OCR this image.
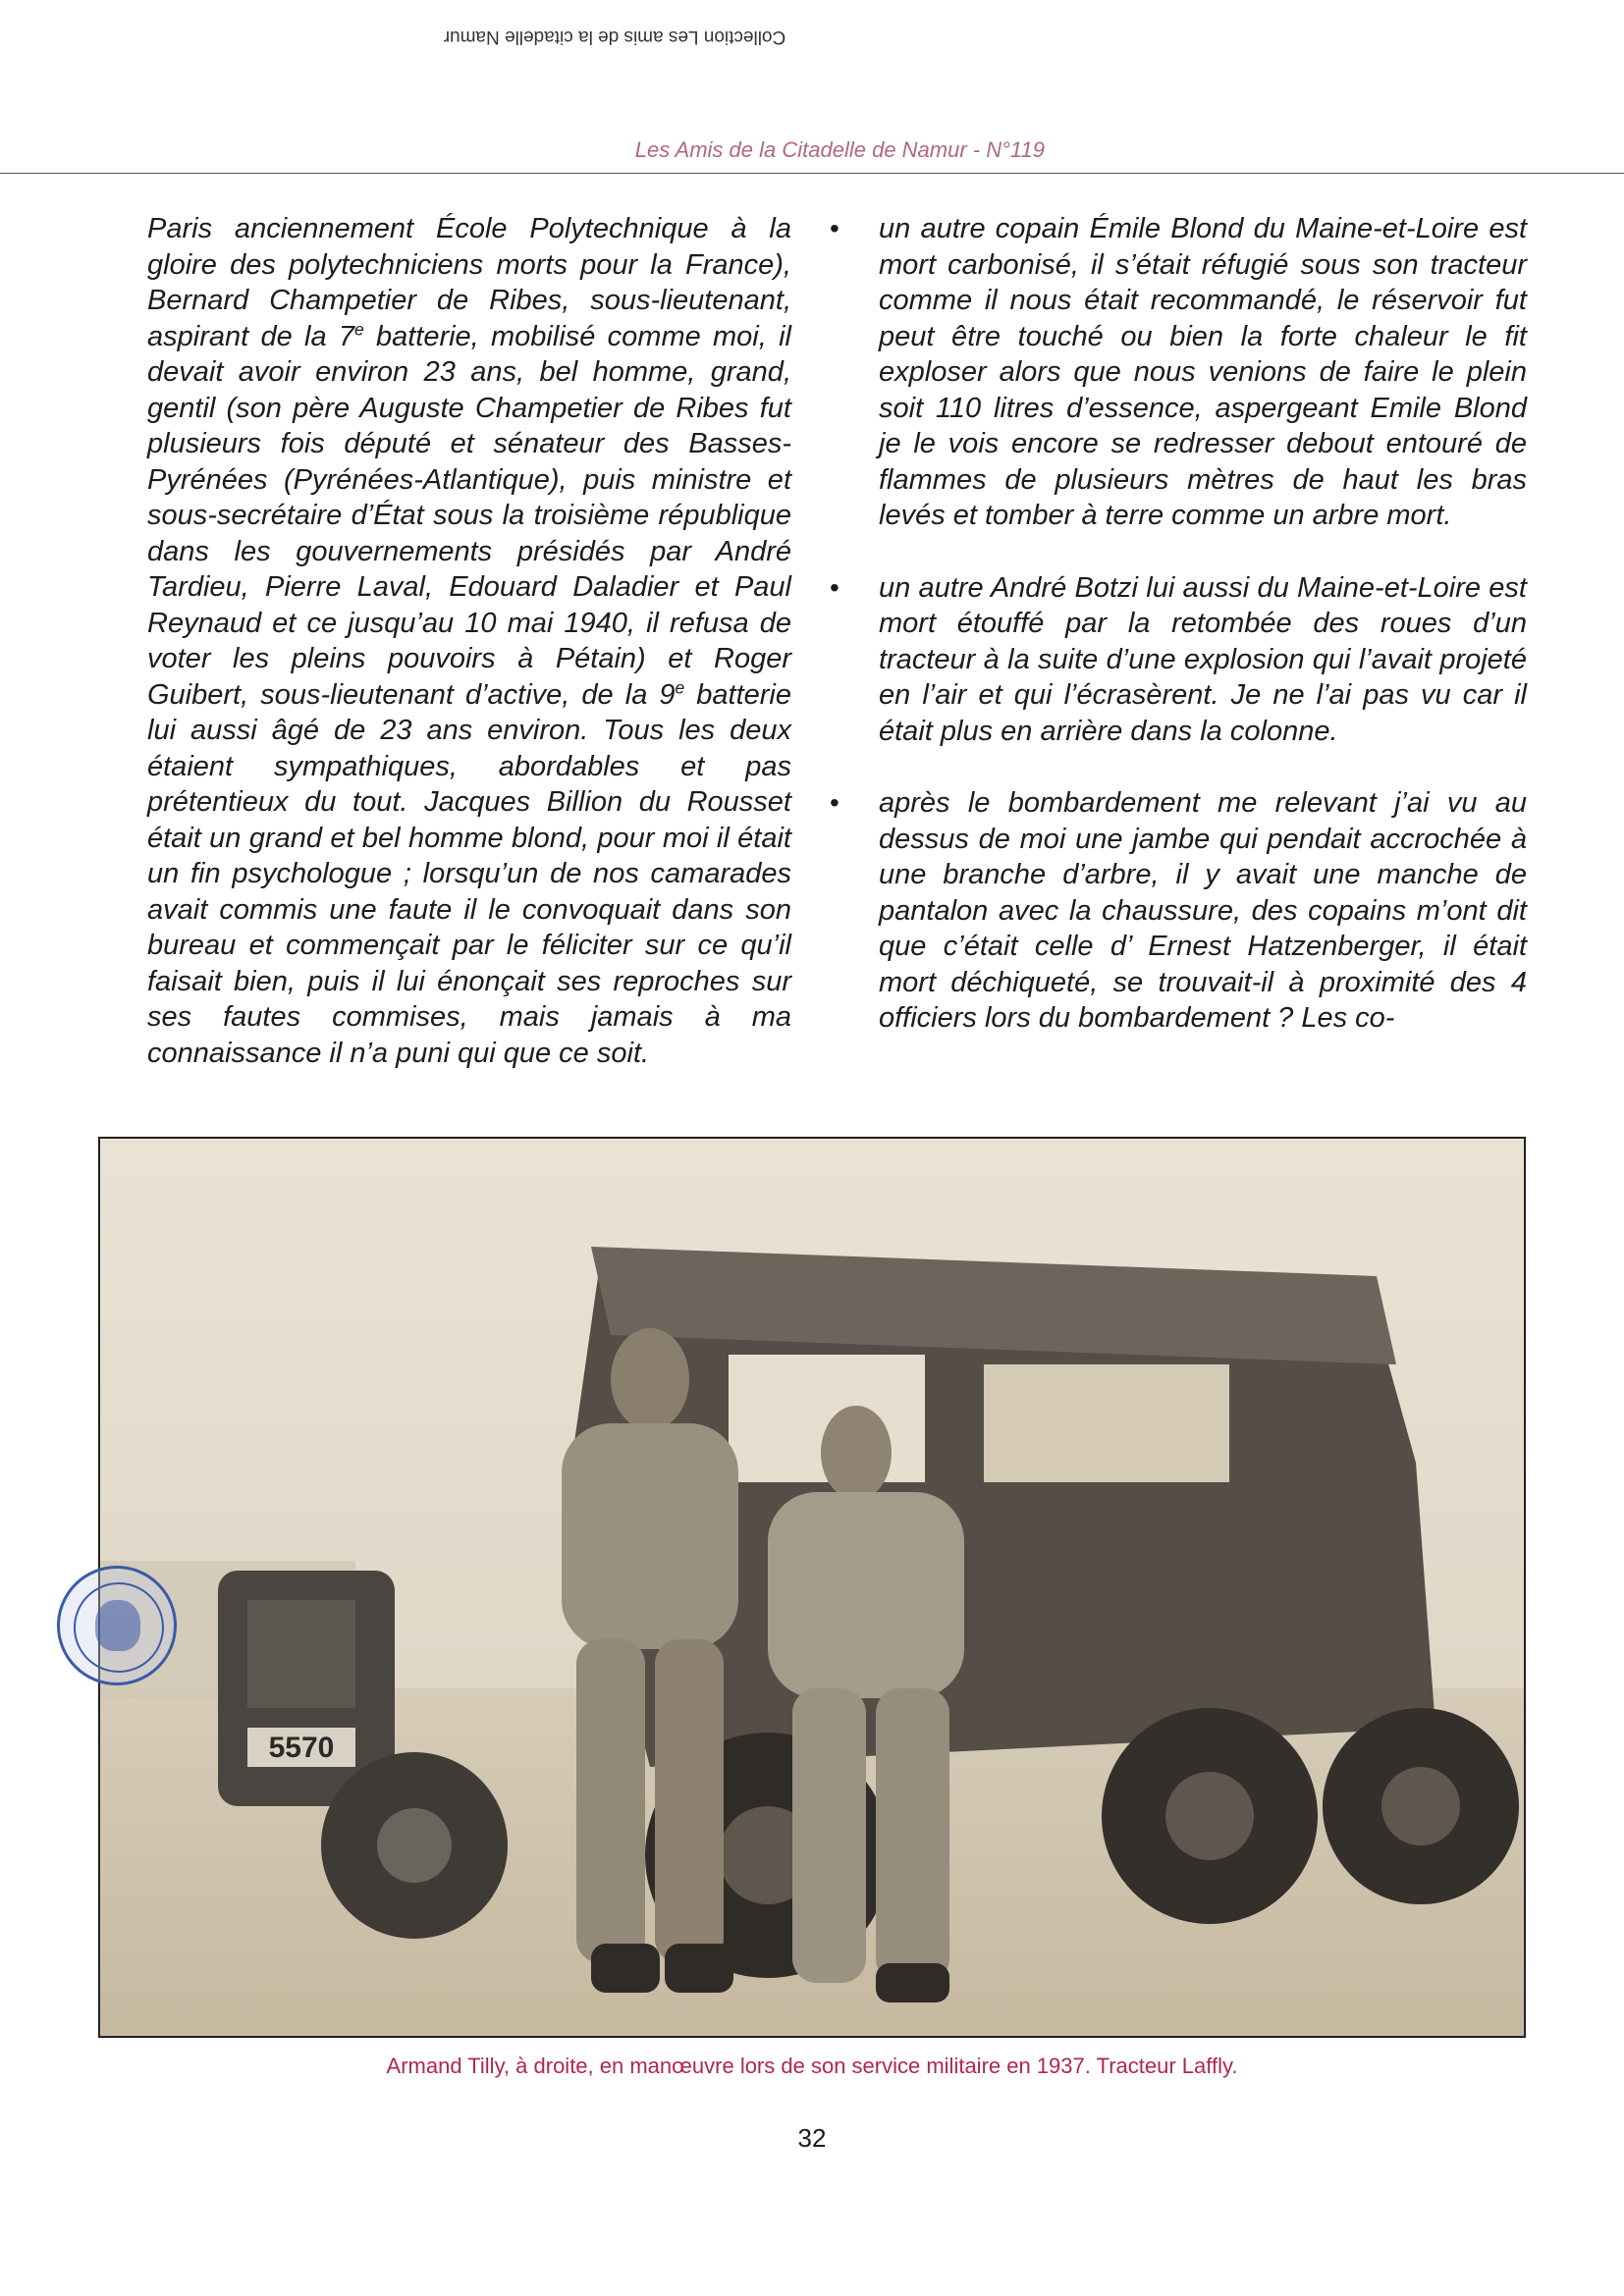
Collection Les amis de la citadelle Namur
Les Amis de la Citadelle de Namur - N°119

Paris anciennement École Polytechnique à la gloire des polytechniciens morts pour la France), Bernard Champetier de Ribes, sous-lieutenant, aspirant de la 7e batterie, mobilisé comme moi, il devait avoir environ 23 ans, bel homme, grand, gentil (son père Auguste Champetier de Ribes fut plusieurs fois député et sénateur des Basses-Pyrénées (Pyrénées-Atlantique), puis ministre et sous-secrétaire d’État sous la troisième république dans les gouvernements présidés par André Tardieu, Pierre Laval, Edouard Daladier et Paul Reynaud et ce jusqu’au 10 mai 1940, il refusa de voter les pleins pouvoirs à Pétain) et Roger Guibert, sous-lieutenant d’active, de la 9e batterie lui aussi âgé de 23 ans environ. Tous les deux étaient sympathiques, abordables et pas prétentieux du tout. Jacques Billion du Rousset était un grand et bel homme blond, pour moi il était un fin psychologue ; lorsqu’un de nos camarades avait commis une faute il le convoquait dans son bureau et commençait par le féliciter sur ce qu’il faisait bien, puis il lui énonçait ses reproches sur ses fautes commises, mais jamais à ma connaissance il n’a puni qui que ce soit.

• un autre copain Émile Blond du Maine-et-Loire est mort carbonisé, il s’était réfugié sous son tracteur comme il nous était recommandé, le réservoir fut peut être touché ou bien la forte chaleur le fit exploser alors que nous venions de faire le plein soit 110 litres d’essence, aspergeant Emile Blond je le vois encore se redresser debout entouré de flammes de plusieurs mètres de haut les bras levés et tomber à terre comme un arbre mort.
• un autre André Botzi lui aussi du Maine-et-Loire est mort étouffé par la retombée des roues d’un tracteur à la suite d’une explosion qui l’avait projeté en l’air et qui l’écrasèrent. Je ne l’ai pas vu car il était plus en arrière dans la colonne.
• après le bombardement me relevant j’ai vu au dessus de moi une jambe qui pendait accrochée à une branche d’arbre, il y avait une manche de pantalon avec la chaussure, des copains m’ont dit que c’était celle d’ Ernest Hatzenberger, il était mort déchiqueté, se trouvait-il à proximité des 4 officiers lors du bombardement ? Les co-
5570
Armand Tilly, à droite, en manœuvre lors de son service militaire en 1937. Tracteur Laffly.
32
